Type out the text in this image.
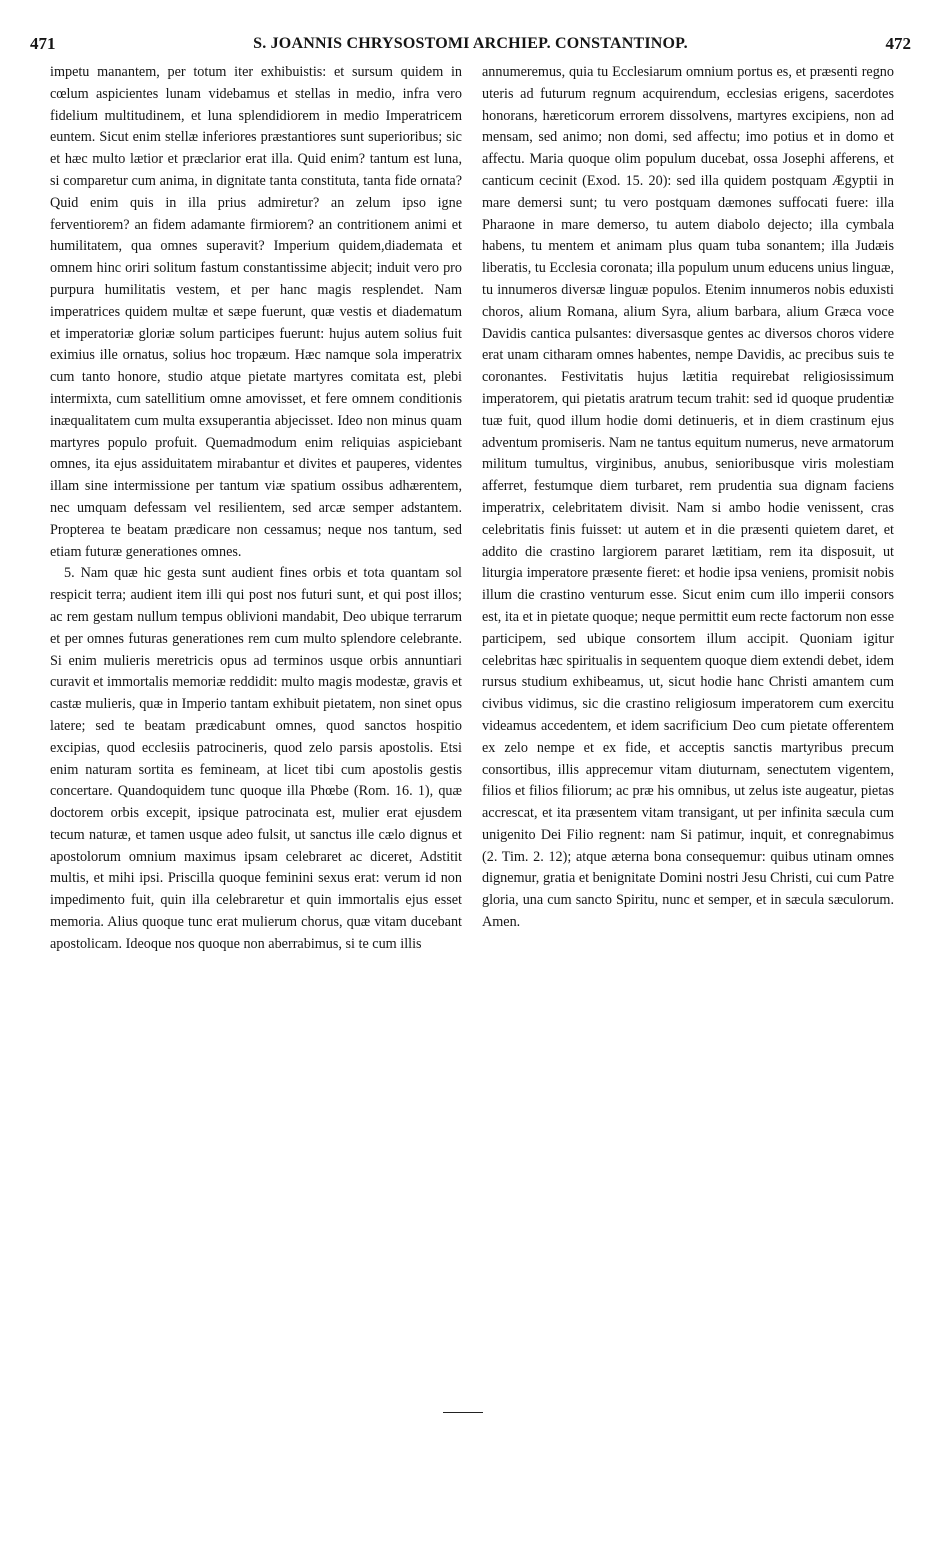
471	S. JOANNIS CHRYSOSTOMI ARCHIEP. CONSTANTINOP.	472

impetu manantem, per totum iter exhibuistis: et sursum quidem in cœlum aspicientes lunam videbamus et stellas in medio, infra vero fidelium multitudinem, et luna splendidiorem in medio Imperatricem euntem. Sicut enim stellæ inferiores præstantiores sunt superioribus; sic et hæc multo lætior et præclarior erat illa. Quid enim? tantum est luna, si comparetur cum anima, in dignitate tanta constituta, tanta fide ornata? Quid enim quis in illa prius admiretur? an zelum ipso igne ferventiorem? an fidem adamante firmiorem? an contritionem animi et humilitatem, qua omnes superavit? Imperium quidem,diademata et omnem hinc oriri solitum fastum constantissime abjecit; induit vero pro purpura humilitatis vestem, et per hanc magis resplendet. Nam imperatrices quidem multæ et sæpe fuerunt, quæ vestis et diadematum et imperatoriæ gloriæ solum participes fuerunt: hujus autem solius fuit eximius ille ornatus, solius hoc tropæum. Hæc namque sola imperatrix cum tanto honore, studio atque pietate martyres comitata est, plebi intermixta, cum satellitium omne amovisset, et fere omnem conditionis inæqualitatem cum multa exsuperantia abjecisset. Ideo non minus quam martyres populo profuit. Quemadmodum enim reliquias aspiciebant omnes, ita ejus assiduitatem mirabantur et divites et pauperes, videntes illam sine intermissione per tantum viæ spatium ossibus adhærentem, nec umquam defessam vel resilientem, sed arcæ semper adstantem. Propterea te beatam prædicare non cessamus; neque nos tantum, sed etiam futuræ generationes omnes.

5. Nam quæ hic gesta sunt audient fines orbis et tota quantam sol respicit terra; audient item illi qui post nos futuri sunt, et qui post illos; ac rem gestam nullum tempus oblivioni mandabit, Deo ubique terrarum et per omnes futuras generationes rem cum multo splendore celebrante. Si enim mulieris meretricis opus ad terminos usque orbis annuntiari curavit et immortalis memoriæ reddidit: multo magis modestæ, gravis et castæ mulieris, quæ in Imperio tantam exhibuit pietatem, non sinet opus latere; sed te beatam prædicabunt omnes, quod sanctos hospitio excipias, quod ecclesiis patrocineris, quod zelo parsis apostolis. Etsi enim naturam sortita es femineam, at licet tibi cum apostolis gestis concertare. Quandoquidem tunc quoque illa Phœbe (Rom. 16. 1), quæ doctorem orbis excepit, ipsique patrocinata est, mulier erat ejusdem tecum naturæ, et tamen usque adeo fulsit, ut sanctus ille cælo dignus et apostolorum omnium maximus ipsam celebraret ac diceret, Adstitit multis, et mihi ipsi. Priscilla quoque feminini sexus erat: verum id non impedimento fuit, quin illa celebraretur et quin immortalis ejus esset memoria. Alius quoque tunc erat mulierum chorus, quæ vitam ducebant apostolicam. Ideoque nos quoque non aberrabimus, si te cum illis

annumeremus, quia tu Ecclesiarum omnium portus es, et præsenti regno uteris ad futurum regnum acquirendum, ecclesias erigens, sacerdotes honorans, hæreticorum errorem dissolvens, martyres excipiens, non ad mensam, sed animo; non domi, sed affectu; imo potius et in domo et affectu. Maria quoque olim populum ducebat, ossa Josephi afferens, et canticum cecinit (Exod. 15. 20): sed illa quidem postquam Ægyptii in mare demersi sunt; tu vero postquam dæmones suffocati fuere: illa Pharaone in mare demerso, tu autem diabolo dejecto; illa cymbala habens, tu mentem et animam plus quam tuba sonantem; illa Judæis liberatis, tu Ecclesia coronata; illa populum unum educens unius linguæ, tu innumeros diversæ linguæ populos. Etenim innumeros nobis eduxisti choros, alium Romana, alium Syra, alium barbara, alium Græca voce Davidis cantica pulsantes: diversasque gentes ac diversos choros videre erat unam citharam omnes habentes, nempe Davidis, ac precibus suis te coronantes. Festivitatis hujus lætitia requirebat religiosissimum imperatorem, qui pietatis aratrum tecum trahit: sed id quoque prudentiæ tuæ fuit, quod illum hodie domi detinueris, et in diem crastinum ejus adventum promiseris. Nam ne tantus equitum numerus, neve armatorum militum tumultus, virginibus, anubus, senioribusque viris molestiam afferret, festumque diem turbaret, rem prudentia sua dignam faciens imperatrix, celebritatem divisit. Nam si ambo hodie venissent, cras celebritatis finis fuisset: ut autem et in die præsenti quietem daret, et addito die crastino largiorem pararet lætitiam, rem ita disposuit, ut liturgia imperatore præsente fieret: et hodie ipsa veniens, promisit nobis illum die crastino venturum esse. Sicut enim cum illo imperii consors est, ita et in pietate quoque; neque permittit eum recte factorum non esse participem, sed ubique consortem illum accipit. Quoniam igitur celebritas hæc spiritualis in sequentem quoque diem extendi debet, idem rursus studium exhibeamus, ut, sicut hodie hanc Christi amantem cum civibus vidimus, sic die crastino religiosum imperatorem cum exercitu videamus accedentem, et idem sacrificium Deo cum pietate offerentem ex zelo nempe et ex fide, et acceptis sanctis martyribus precum consortibus, illis apprecemur vitam diuturnam, senectutem vigentem, filios et filios filiorum; ac præ his omnibus, ut zelus iste augeatur, pietas accrescat, et ita præsentem vitam transigant, ut per infinita sæcula cum unigenito Dei Filio regnent: nam Si patimur, inquit, et conregnabimus (2. Tim. 2. 12); atque æterna bona consequemur: quibus utinam omnes dignemur, gratia et benignitate Domini nostri Jesu Christi, cui cum Patre gloria, una cum sancto Spiritu, nunc et semper, et in sæcula sæculorum. Amen.
